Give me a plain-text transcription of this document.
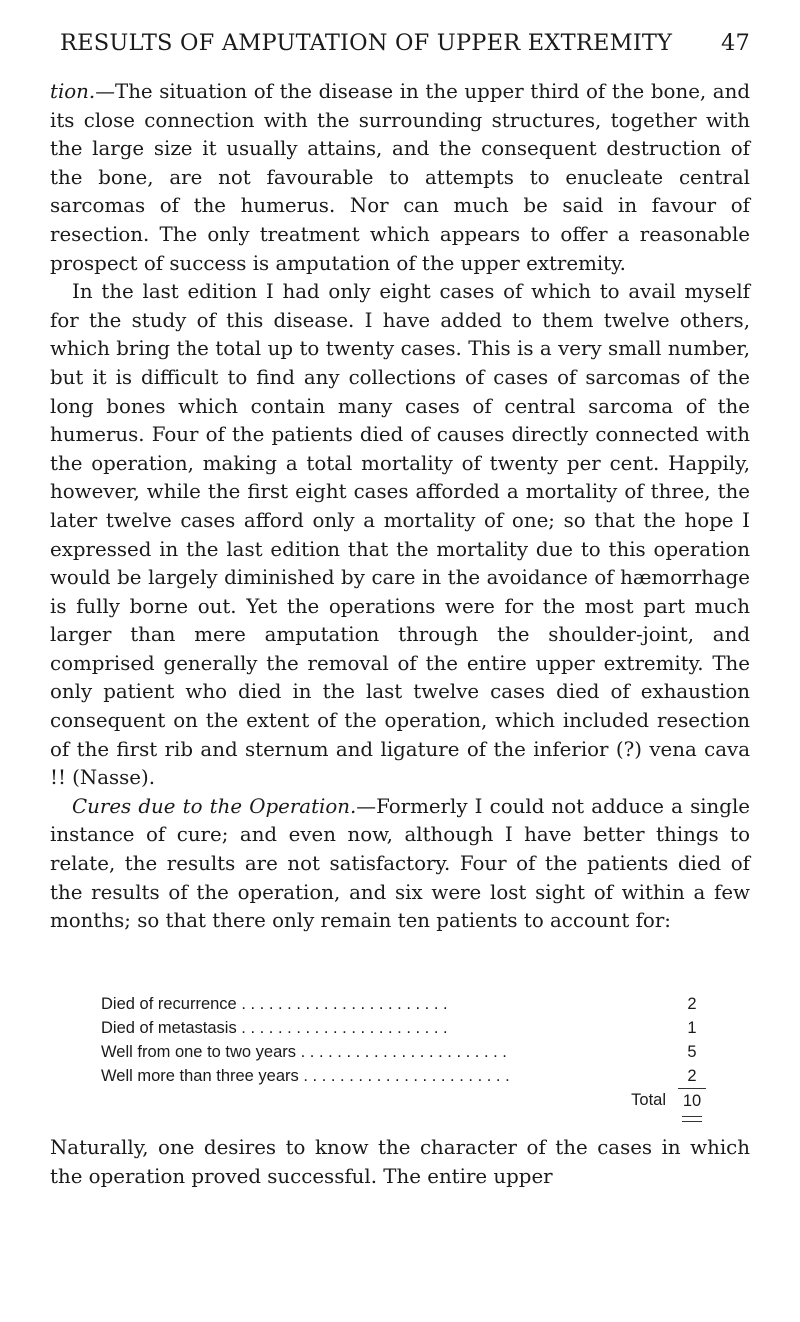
RESULTS OF AMPUTATION OF UPPER EXTREMITY 47

tion.—The situation of the disease in the upper third of the bone, and its close connection with the surrounding structures, together with the large size it usually attains, and the consequent destruction of the bone, are not favourable to attempts to enucleate central sarcomas of the humerus. Nor can much be said in favour of resection. The only treatment which appears to offer a reasonable prospect of success is amputation of the upper extremity.

In the last edition I had only eight cases of which to avail myself for the study of this disease. I have added to them twelve others, which bring the total up to twenty cases. This is a very small number, but it is difficult to find any collections of cases of sarcomas of the long bones which contain many cases of central sarcoma of the humerus. Four of the patients died of causes directly connected with the operation, making a total mortality of twenty per cent. Happily, however, while the first eight cases afforded a mortality of three, the later twelve cases afford only a mortality of one; so that the hope I expressed in the last edition that the mortality due to this operation would be largely diminished by care in the avoidance of hæmorrhage is fully borne out. Yet the operations were for the most part much larger than mere amputation through the shoulder-joint, and comprised generally the removal of the entire upper extremity. The only patient who died in the last twelve cases died of exhaustion consequent on the extent of the operation, which included resection of the first rib and sternum and ligature of the inferior (?) vena cava !! (Nasse).

Cures due to the Operation.—Formerly I could not adduce a single instance of cure; and even now, although I have better things to relate, the results are not satisfactory. Four of the patients died of the results of the operation, and six were lost sight of within a few months; so that there only remain ten patients to account for:

Died of recurrence . . . . . . . . . . . . . . . . . . . . . . .	2
Died of metastasis . . . . . . . . . . . . . . . . . . . . . . .	1
Well from one to two years . . . . . . . . . . . . . . . . . . . . . . .	5
Well more than three years . . . . . . . . . . . . . . . . . . . . . . .	2
Total 10

Naturally, one desires to know the character of the cases in which the operation proved successful. The entire upper
